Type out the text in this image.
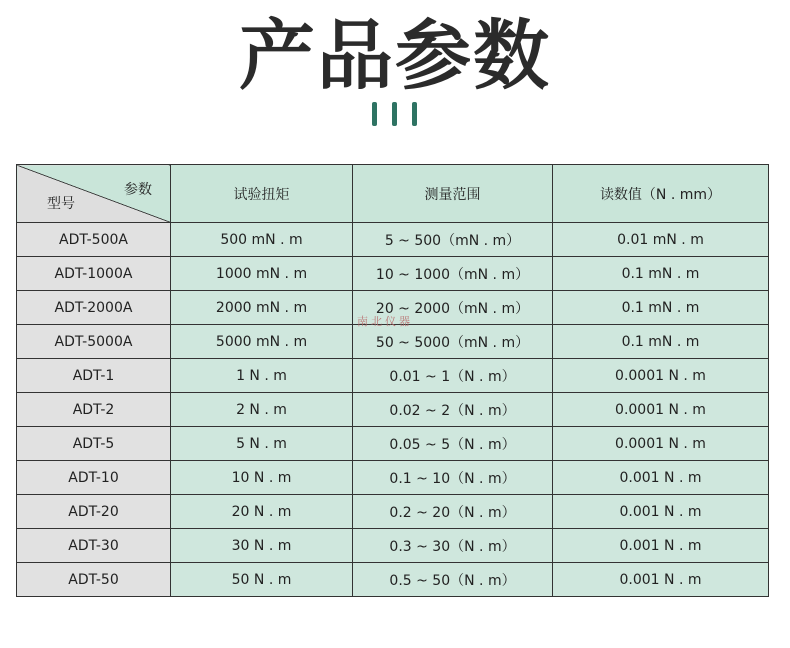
产品参数
参数
型号	试验扭矩	测量范围	读数值（N . mm）
ADT-500A	500 mN . m	5 ~ 500（mN . m）	0.01 mN . m
ADT-1000A	1000 mN . m	10 ~ 1000（mN . m）	0.1 mN . m
ADT-2000A	2000 mN . m	20 ~ 2000（mN . m）	0.1 mN . m
ADT-5000A	5000 mN . m	50 ~ 5000（mN . m）	0.1 mN . m
ADT-1	1 N . m	0.01 ~ 1（N . m）	0.0001 N . m
ADT-2	2 N . m	0.02 ~ 2（N . m）	0.0001 N . m
ADT-5	5 N . m	0.05 ~ 5（N . m）	0.0001 N . m
ADT-10	10 N . m	0.1 ~ 10（N . m）	0.001 N . m
ADT-20	20 N . m	0.2 ~ 20（N . m）	0.001 N . m
ADT-30	30 N . m	0.3 ~ 30（N . m）	0.001 N . m
ADT-50	50 N . m	0.5 ~ 50（N . m）	0.001 N . m
南北仪器
